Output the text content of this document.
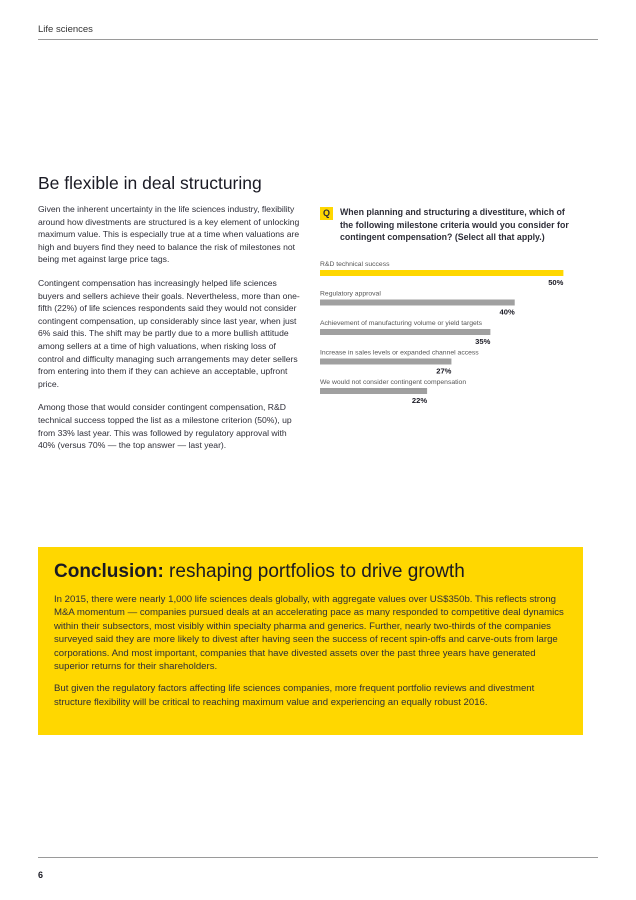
Life sciences
Be flexible in deal structuring

Given the inherent uncertainty in the life sciences industry, flexibility around how divestments are structured is a key element of unlocking maximum value. This is especially true at a time when valuations are high and buyers find they need to balance the risk of milestones not being met against large price tags.

Contingent compensation has increasingly helped life sciences buyers and sellers achieve their goals. Nevertheless, more than one-fifth (22%) of life sciences respondents said they would not consider contingent compensation, up considerably since last year, when just 6% said this. The shift may be partly due to a more bullish attitude among sellers at a time of high valuations, when risking loss of control and difficulty managing such arrangements may deter sellers from entering into them if they can achieve an acceptable, upfront price.

Among those that would consider contingent compensation, R&D technical success topped the list as a milestone criterion (50%), up from 33% last year. This was followed by regulatory approval with 40% (versus 70% — the top answer — last year).

Q	When planning and structuring a divestiture, which of the following milestone criteria would you consider for contingent compensation? (Select all that apply.)
R&D technical success
50%
Regulatory approval
40%
Achievement of manufacturing volume or yield targets
35%
Increase in sales levels or expanded channel access
27%
We would not consider contingent compensation
22%
Conclusion: reshaping portfolios to drive growth

In 2015, there were nearly 1,000 life sciences deals globally, with aggregate values over US$350b. This reflects strong M&A momentum — companies pursued deals at an accelerating pace as many responded to competitive deal dynamics within their subsectors, most visibly within specialty pharma and generics. Further, nearly two-thirds of the companies surveyed said they are more likely to divest after having seen the success of recent spin-offs and carve-outs from large corporations. And most important, companies that have divested assets over the past three years have generated superior returns for their shareholders.

But given the regulatory factors affecting life sciences companies, more frequent portfolio reviews and divestment structure flexibility will be critical to reaching maximum value and experiencing an equally robust 2016.

6
